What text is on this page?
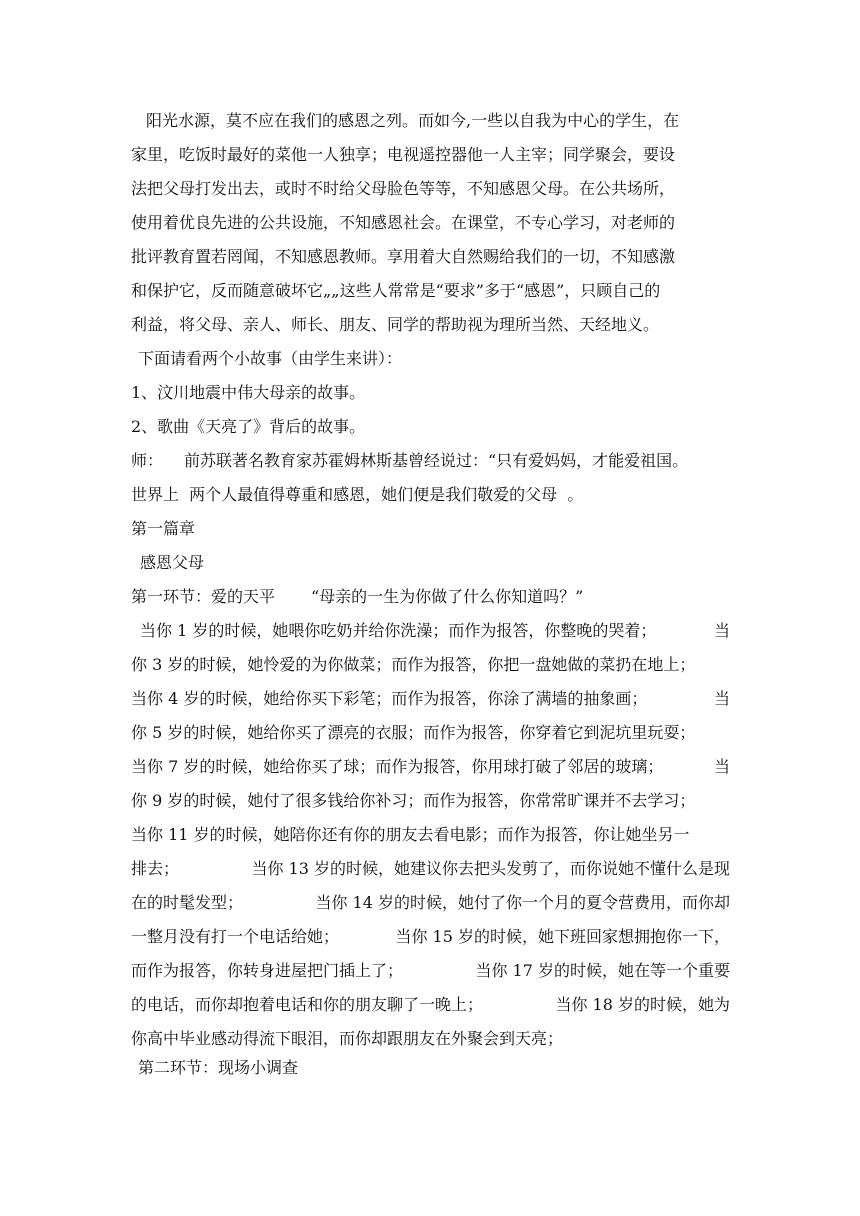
阳光水源，莫不应在我们的感恩之列。而如今,一些以自我为中心的学生，在
家里，吃饭时最好的菜他一人独享；电视遥控器他一人主宰；同学聚会，要设
法把父母打发出去，或时不时给父母脸色等等，不知感恩父母。在公共场所，
使用着优良先进的公共设施，不知感恩社会。在课堂，不专心学习，对老师的
批评教育置若罔闻，不知感恩教师。享用着大自然赐给我们的一切，不知感激
和保护它，反而随意破坏它„„这些人常常是“要求”多于“感恩”，只顾自己的
利益，将父母、亲人、师长、朋友、同学的帮助视为理所当然、天经地义。
下面请看两个小故事（由学生来讲）：
1、汶川地震中伟大母亲的故事。
2、歌曲《天亮了》背后的故事。
师： 前苏联著名教育家苏霍姆林斯基曾经说过：“只有爱妈妈，才能爱祖国。
世界上  两个人最值得尊重和感恩，她们便是我们敬爱的父母  。
第一篇章
感恩父母
第一环节：爱的天平 “母亲的一生为你做了什么你知道吗？”
当你 1 岁的时候，她喂你吃奶并给你洗澡；而作为报答，你整晚的哭着；	当
你 3 岁的时候，她怜爱的为你做菜；而作为报答，你把一盘她做的菜扔在地上；
当你 4 岁的时候，她给你买下彩笔；而作为报答，你涂了满墙的抽象画；	当
你 5 岁的时候，她给你买了漂亮的衣服；而作为报答，你穿着它到泥坑里玩耍；
当你 7 岁的时候，她给你买了球；而作为报答，你用球打破了邻居的玻璃；	当
你 9 岁的时候，她付了很多钱给你补习；而作为报答，你常常旷课并不去学习；
当你 11 岁的时候，她陪你还有你的朋友去看电影；而作为报答，你让她坐另一
排去；	当你 13 岁的时候，她建议你去把头发剪了，而你说她不懂什么是现
在的时髦发型；	当你 14 岁的时候，她付了你一个月的夏令营费用，而你却
一整月没有打一个电话给她；	当你 15 岁的时候，她下班回家想拥抱你一下，
而作为报答，你转身进屋把门插上了；	当你 17 岁的时候，她在等一个重要
的电话，而你却抱着电话和你的朋友聊了一晚上；	当你 18 岁的时候，她为
你高中毕业感动得流下眼泪，而你却跟朋友在外聚会到天亮；
第二环节：现场小调查
